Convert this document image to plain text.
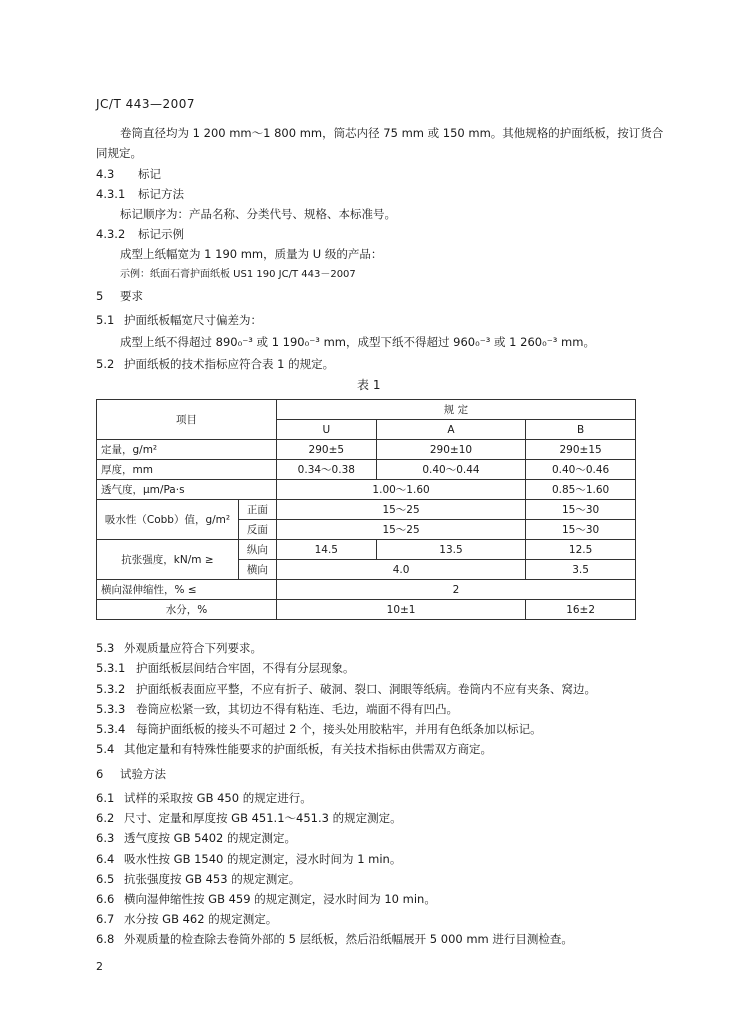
JC/T 443—2007
卷筒直径均为 1 200 mm～1 800 mm，筒芯内径 75 mm 或 150 mm。其他规格的护面纸板，按订货合
同规定。
4.3 标记
4.3.1 标记方法
标记顺序为：产品名称、分类代号、规格、本标准号。
4.3.2 标记示例
成型上纸幅宽为 1 190 mm，质量为 U 级的产品：
示例：纸面石膏护面纸板 US1 190 JC/T 443－2007
5 要求
5.1 护面纸板幅宽尺寸偏差为：
成型上纸不得超过 890₀⁻³ 或 1 190₀⁻³ mm，成型下纸不得超过 960₀⁻³ 或 1 260₀⁻³ mm。
5.2 护面纸板的技术指标应符合表 1 的规定。
表 1
项目		规 定		
		U	A	B
定量，g/m²		290±5	290±10	290±15
厚度，mm		0.34～0.38	0.40～0.44	0.40～0.46
透气度，μm/Pa·s		1.00～1.60		0.85～1.60
吸水性（Cobb）值，g/m²	正面	15～25		15～30
	反面	15～25		15～30
抗张强度，kN/m ≥	纵向	14.5	13.5	12.5
	横向	4.0		3.5
横向湿伸缩性，% ≤		2		
水分，%		10±1		16±2
5.3 外观质量应符合下列要求。
5.3.1 护面纸板层间结合牢固，不得有分层现象。
5.3.2 护面纸板表面应平整，不应有折子、破洞、裂口、洞眼等纸病。卷筒内不应有夹条、窝边。
5.3.3 卷筒应松紧一致，其切边不得有粘连、毛边，端面不得有凹凸。
5.3.4 每筒护面纸板的接头不可超过 2 个，接头处用胶粘牢，并用有色纸条加以标记。
5.4 其他定量和有特殊性能要求的护面纸板，有关技术指标由供需双方商定。
6 试验方法
6.1 试样的采取按 GB 450 的规定进行。
6.2 尺寸、定量和厚度按 GB 451.1～451.3 的规定测定。
6.3 透气度按 GB 5402 的规定测定。
6.4 吸水性按 GB 1540 的规定测定，浸水时间为 1 min。
6.5 抗张强度按 GB 453 的规定测定。
6.6 横向湿伸缩性按 GB 459 的规定测定，浸水时间为 10 min。
6.7 水分按 GB 462 的规定测定。
6.8 外观质量的检查除去卷筒外部的 5 层纸板，然后沿纸幅展开 5 000 mm 进行目测检查。
2
